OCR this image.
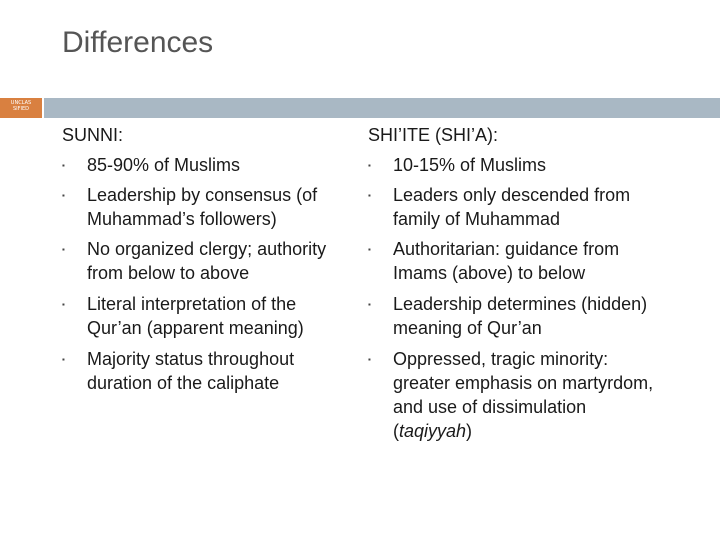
Differences
UNCLAS SIFIED
SUNNI:
▪ 85-90% of Muslims
▪ Leadership by consensus (of Muhammad’s followers)
▪ No organized clergy; authority from below to above
▪ Literal interpretation of the Qur’an (apparent meaning)
▪ Majority status throughout duration of the caliphate
SHI’ITE (SHI’A):
▪ 10-15% of Muslims
▪ Leaders only descended from family of Muhammad
▪ Authoritarian: guidance from Imams (above) to below
▪ Leadership determines (hidden) meaning of Qur’an
▪ Oppressed, tragic minority: greater emphasis on martyrdom, and use of dissimulation (taqiyyah)
